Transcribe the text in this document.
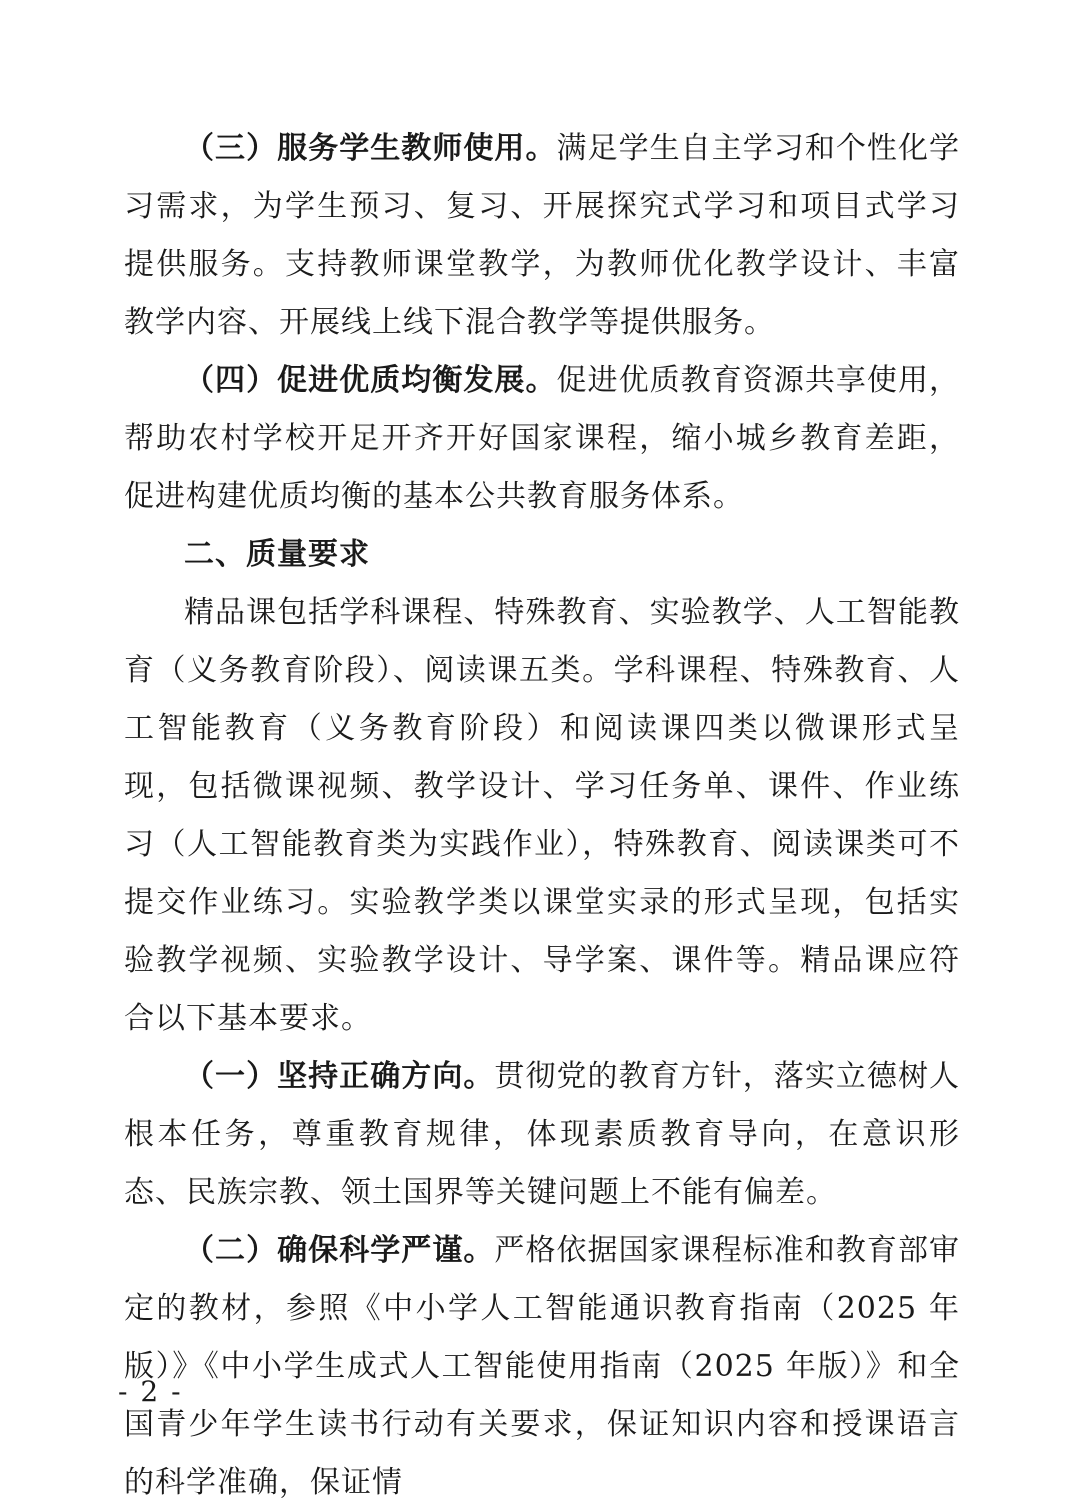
（三）服务学生教师使用。满足学生自主学习和个性化学习需求，为学生预习、复习、开展探究式学习和项目式学习提供服务。支持教师课堂教学，为教师优化教学设计、丰富教学内容、开展线上线下混合教学等提供服务。

（四）促进优质均衡发展。促进优质教育资源共享使用，帮助农村学校开足开齐开好国家课程，缩小城乡教育差距，促进构建优质均衡的基本公共教育服务体系。

二、质量要求

精品课包括学科课程、特殊教育、实验教学、人工智能教育（义务教育阶段）、阅读课五类。学科课程、特殊教育、人工智能教育（义务教育阶段）和阅读课四类以微课形式呈现，包括微课视频、教学设计、学习任务单、课件、作业练习（人工智能教育类为实践作业），特殊教育、阅读课类可不提交作业练习。实验教学类以课堂实录的形式呈现，包括实验教学视频、实验教学设计、导学案、课件等。精品课应符合以下基本要求。

（一）坚持正确方向。贯彻党的教育方针，落实立德树人根本任务，尊重教育规律，体现素质教育导向，在意识形态、民族宗教、领土国界等关键问题上不能有偏差。

（二）确保科学严谨。严格依据国家课程标准和教育部审定的教材，参照《中小学人工智能通识教育指南（2025 年版）》《中小学生成式人工智能使用指南（2025 年版）》和全国青少年学生读书行动有关要求，保证知识内容和授课语言的科学准确，保证情

- 2 -
